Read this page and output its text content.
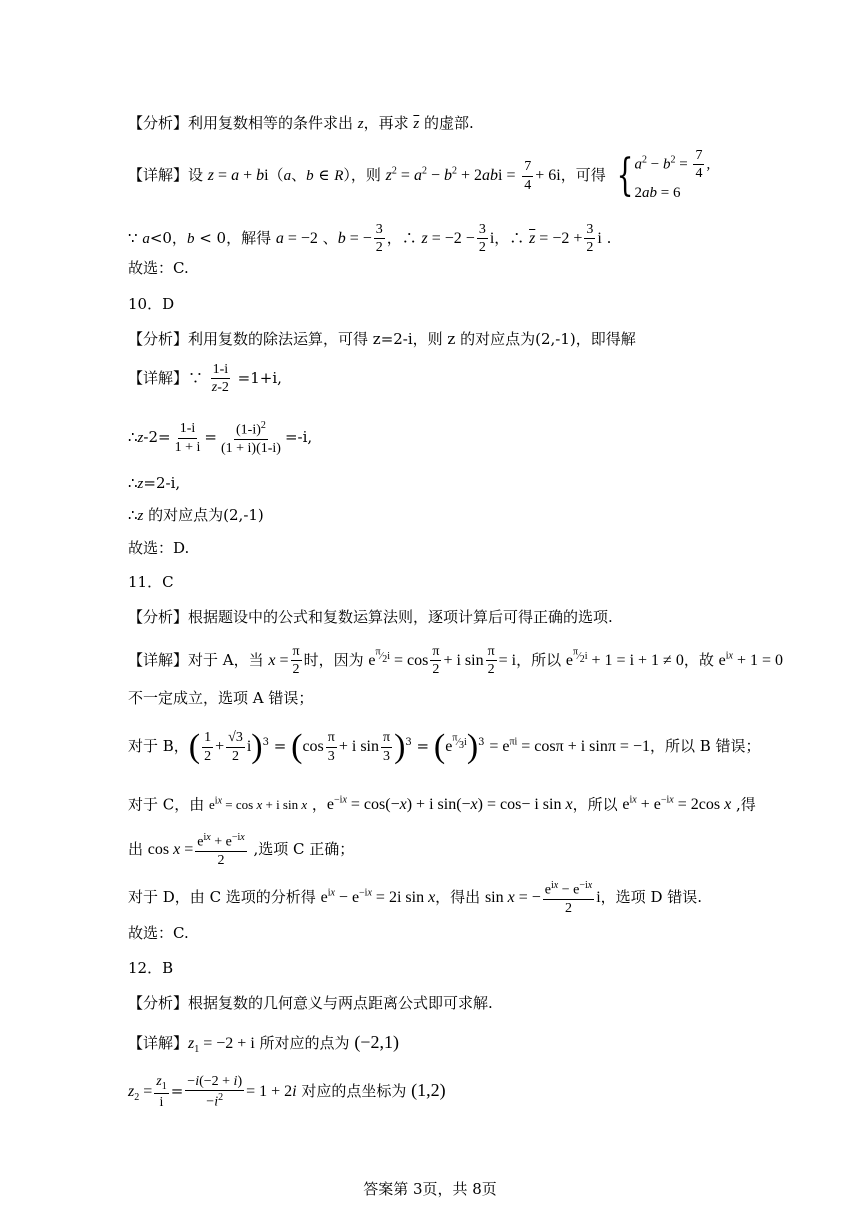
【分析】利用复数相等的条件求出 z，再求 $\overline{z}$ 的虚部.
【详解】设 z = a + bi（a、b ∈ R），则 $z^2 = a^2 - b^2 + 2abi = \frac{7}{4} + 6i$，可得 { $a^2 - b^2 = \frac{7}{4}$ ,
2ab = 6
∵ a<0，b < 0，解得 a = −2 、b = − $\frac{3}{2}$ ，∴ $z = -2 - \frac{3}{2}$ i，∴ $\overline{z} = -2 + \frac{3}{2}$ i .
故选：C.
10．D
【分析】利用复数的除法运算，可得 z=2-i，则 z 的对应点为(2,-1)，即得解
【详解】∵ $\frac{1-i}{z-2} =1+i$,
∴z-2= $\frac{1-i}{1 + i} = \frac{(1-i)^2}{(1 + i)(1-i)} =-i$,
∴z=2-i,
∴z 的对应点为(2,-1)
故选：D.
11．C
【分析】根据题设中的公式和复数运算法则，逐项计算后可得正确的选项.
【详解】对于 A，当 $x = \frac{\pi}{2}$ 时，因为 $e^{^\pi⁄_2i} = \cos \frac{\pi}{2} + i$ $\sin \frac{\pi}{2} = i$，所以 $e^{^\pi⁄_2i} + 1 = i + 1 \ne 0$，故 $e^{ix} + 1 = 0$
不一定成立，选项 A 错误；
对于 B，( $\frac{1}{2} + \frac{√3}{2} i)^3 = (\cos \frac{\pi}{3} + i$ $\sin \frac{\pi}{3} )^3 = (e^{^\pi⁄_3i})^3 = e^{\pi i} = \cos\pi + i$ sinπ = −1，所以 B 错误；
对于 C，由 $e^{ix} = \cos x + i$ sin x ，$e^{-ix} = \cos(-x) + i$ sin(−x) = cos− i sin x，所以 $e^{ix} + e^{-ix} = 2\cos$ x ,得
出 $\cos x = \frac{e^{ix} + e^{-ix}}{2}$ ,选项 C 正确；
对于 D，由 C 选项的分析得 $e^{ix} - e^{-ix} = 2i$ sin x，得出 sin x = − $\frac{e^{ix} - e^{-ix}}{2}$ i，选项 D 错误.
故选：C.
12．B
【分析】根据复数的几何意义与两点距离公式即可求解.
【详解】$z_1 = -2 + i$ 所对应的点为 (−2,1)
$z_2 = \frac{z_1}{i} = \frac{-i(-2 + i)}{-i^2} = 1 + 2i$ 对应的点坐标为 (1,2)
答案第 3页，共 8页
